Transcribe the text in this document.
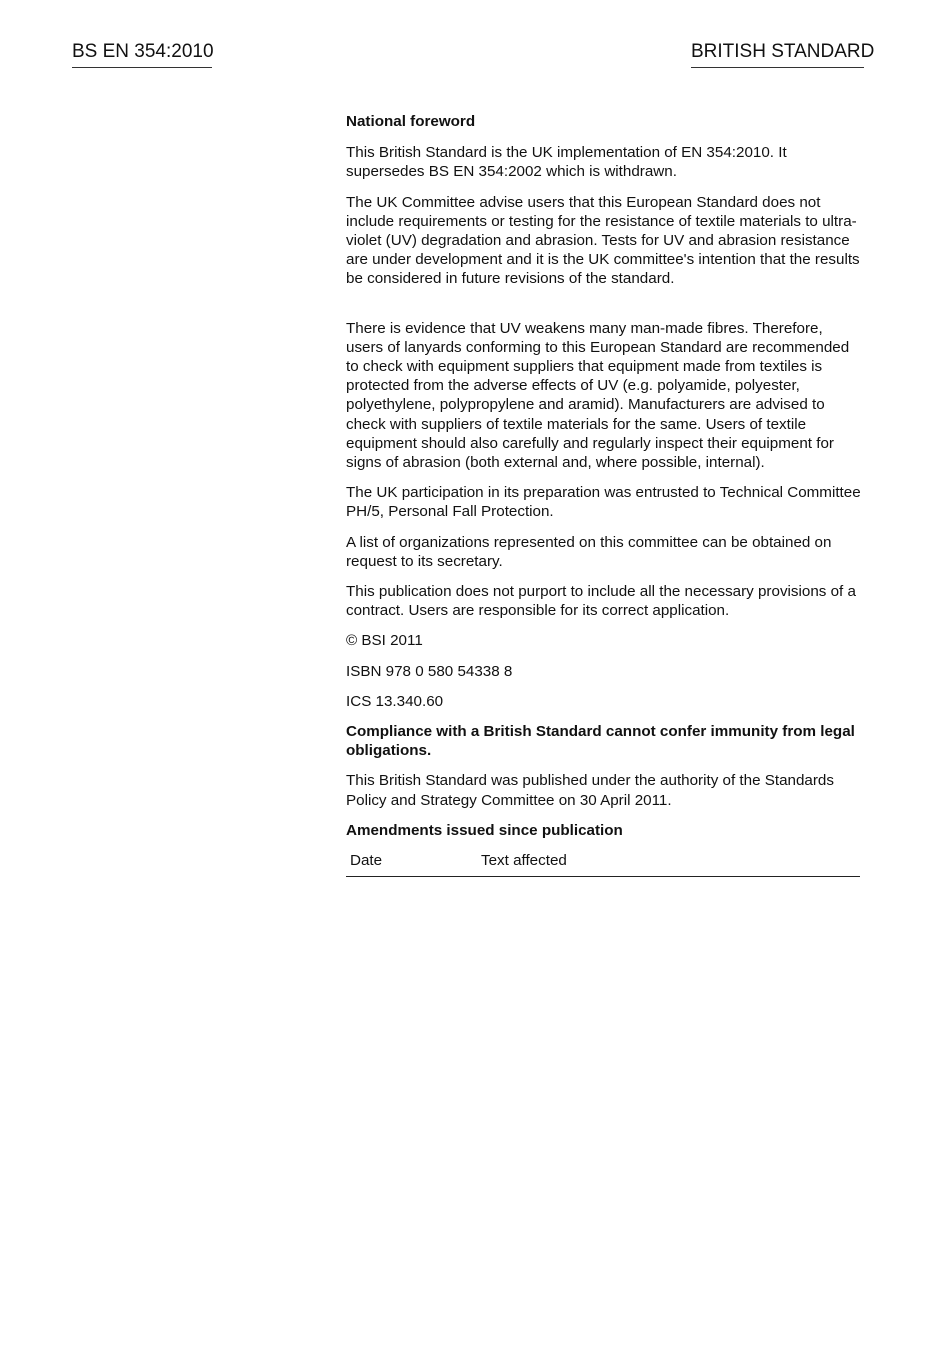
BS EN 354:2010	BRITISH STANDARD

National foreword

This British Standard is the UK implementation of EN 354:2010. It supersedes BS EN 354:2002 which is withdrawn.

The UK Committee advise users that this European Standard does not include requirements or testing for the resistance of textile materials to ultra-violet (UV) degradation and abrasion. Tests for UV and abrasion resistance are under development and it is the UK committee's intention that the results be considered in future revisions of the standard.

There is evidence that UV weakens many man-made fibres. Therefore, users of lanyards conforming to this European Standard are recommended to check with equipment suppliers that equipment made from textiles is protected from the adverse effects of UV (e.g. polyamide, polyester, polyethylene, polypropylene and aramid). Manufacturers are advised to check with suppliers of textile materials for the same. Users of textile equipment should also carefully and regularly inspect their equipment for signs of abrasion (both external and, where possible, internal).

The UK participation in its preparation was entrusted to Technical Committee PH/5, Personal Fall Protection.

A list of organizations represented on this committee can be obtained on request to its secretary.

This publication does not purport to include all the necessary provisions of a contract. Users are responsible for its correct application.

© BSI 2011

ISBN 978 0 580 54338 8

ICS 13.340.60

Compliance with a British Standard cannot confer immunity from legal obligations.

This British Standard was published under the authority of the Standards Policy and Strategy Committee on 30 April 2011.

Amendments issued since publication

Date	Text affected
